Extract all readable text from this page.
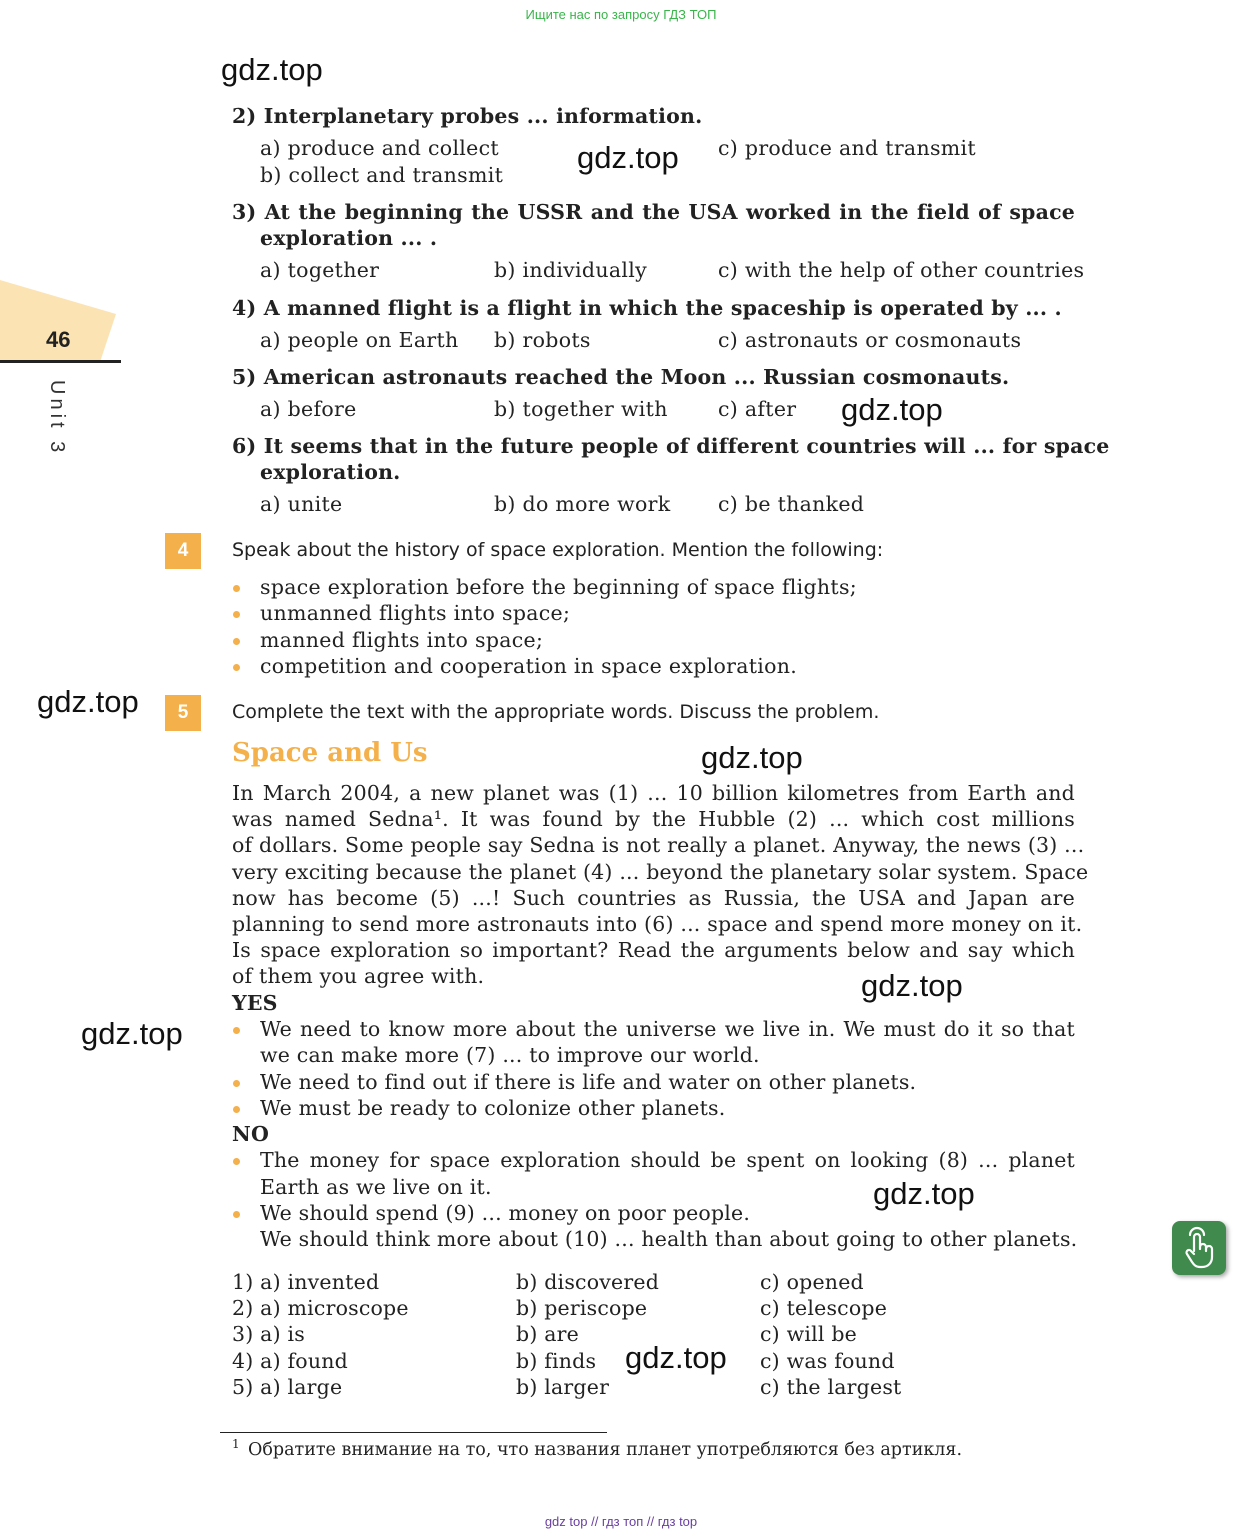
Ищите нас по запросу ГДЗ ТОП
gdz.top
gdz.top
gdz.top
gdz.top
gdz.top
gdz.top
gdz.top
gdz.top
gdz.top
46
Unit 3
2) Interplanetary probes ... information.
a) produce and collect
b) collect and transmit
c) produce and transmit
3) At the beginning the USSR and the USA worked in the field of space
exploration ... .
a) together	b) individually	c) with the help of other countries
4) A manned flight is a flight in which the spaceship is operated by ... .
a) people on Earth b) robots	c) astronauts or cosmonauts
5) American astronauts reached the Moon ... Russian cosmonauts.
a) before	b) together with c) after
6) It seems that in the future people of different countries will ... for space
exploration.
a) unite	b) do more work c) be thanked
4	Speak about the history of space exploration. Mention the following:
space exploration before the beginning of space flights;
unmanned flights into space;
manned flights into space;
competition and cooperation in space exploration.
5	Complete the text with the appropriate words. Discuss the problem.
Space and Us
In March 2004, a new planet was (1) ... 10 billion kilometres from Earth and
was named Sedna¹. It was found by the Hubble (2) ... which cost millions
of dollars. Some people say Sedna is not really a planet. Anyway, the news (3) ...
very exciting because the planet (4) ... beyond the planetary solar system. Space
now has become (5) ...! Such countries as Russia, the USA and Japan are
planning to send more astronauts into (6) ... space and spend more money on it.
Is space exploration so important? Read the arguments below and say which
of them you agree with.
YES
We need to know more about the universe we live in. We must do it so that
we can make more (7) ... to improve our world.
We need to find out if there is life and water on other planets.
We must be ready to colonize other planets.
NO
The money for space exploration should be spent on looking (8) ... planet
Earth as we live on it.
We should spend (9) ... money on poor people.
We should think more about (10) ... health than about going to other planets.
1) a) invented	b) discovered	c) opened
2) a) microscope	b) periscope	c) telescope
3) a) is	b) are	c) will be
4) a) found	b) finds	c) was found
5) a) large	b) larger	c) the largest
1 Обратите внимание на то, что названия планет употребляются без артикля.
gdz top // гдз топ // гдз top
